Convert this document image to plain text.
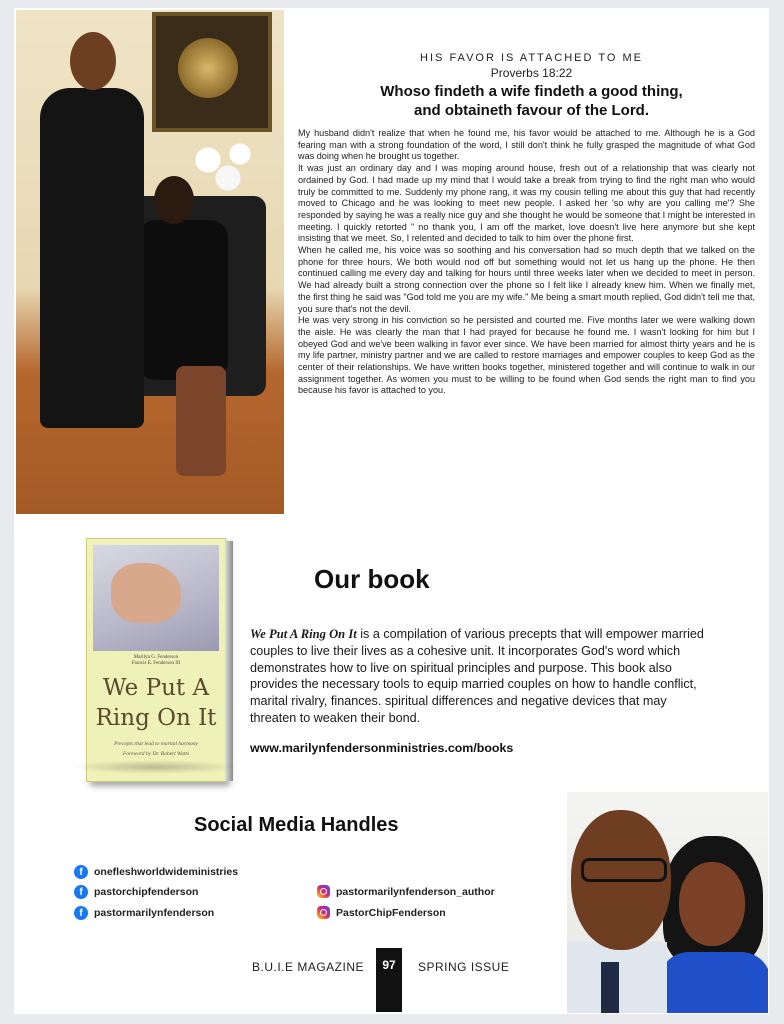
HIS FAVOR IS ATTACHED TO ME
Proverbs 18:22
Whoso findeth a wife findeth a good thing,
and obtaineth favour of the Lord.

My husband didn't realize that when he found me, his favor would be attached to me. Although he is a God fearing man with a strong foundation of the word, I still don't think he fully grasped the magnitude of what God was doing when he brought us together.

It was just an ordinary day and I was moping around house, fresh out of a relationship that was clearly not ordained by God. I had made up my mind that I would take a break from trying to find the right man who would truly be committed to me. Suddenly my phone rang, it was my cousin telling me about this guy that had recently moved to Chicago and he was looking to meet new people. I asked her 'so why are you calling me'? She responded by saying he was a really nice guy and she thought he would be someone that I might be interested in meeting. I quickly retorted " no thank you, I am off the market, love doesn't live here anymore but she kept insisting that we meet. So, I relented and decided to talk to him over the phone first.

When he called me, his voice was so soothing and his conversation had so much depth that we talked on the phone for three hours. We both would nod off but something would not let us hang up the phone. He then continued calling me every day and talking for hours until three weeks later when we decided to meet in person. We had already built a strong connection over the phone so I felt like I already knew him. When we finally met, the first thing he said was "God told me you are my wife." Me being a smart mouth replied, God didn't tell me that, you sure that's not the devil.

He was very strong in his conviction so he persisted and courted me. Five months later we were walking down the aisle. He was clearly the man that I had prayed for because he found me. I wasn't looking for him but I obeyed God and we've been walking in favor ever since. We have been married for almost thirty years and he is my life partner, ministry partner and we are called to restore marriages and empower couples to keep God as the center of their relationships. We have written books together, ministered together and will continue to walk in our assignment together. As women you must to be willing to be found when God sends the right man to find you because his favor is attached to you.

Marilyn G. Fenderson
Francis E. Fenderson III
We Put A
Ring On It
Precepts that lead to marital harmony
Foreword by Dr. Robert Watts
Our book
We Put A Ring On It is a compilation of various precepts that will empower married couples to live their lives as a cohesive unit. It incorporates God's word which demonstrates how to live on spiritual principles and purpose. This book also provides the necessary tools to equip married couples on how to handle conflict, marital rivalry, finances. spiritual differences and negative devices that may threaten to weaken their bond.
www.marilynfendersonministries.com/books
Social Media Handles
f	onefleshworldwideministries
f	pastorchipfenderson
f	pastormarilynfenderson
pastormarilynfenderson_author
PastorChipFenderson
B.U.I.E MAGAZINE	97	SPRING ISSUE
